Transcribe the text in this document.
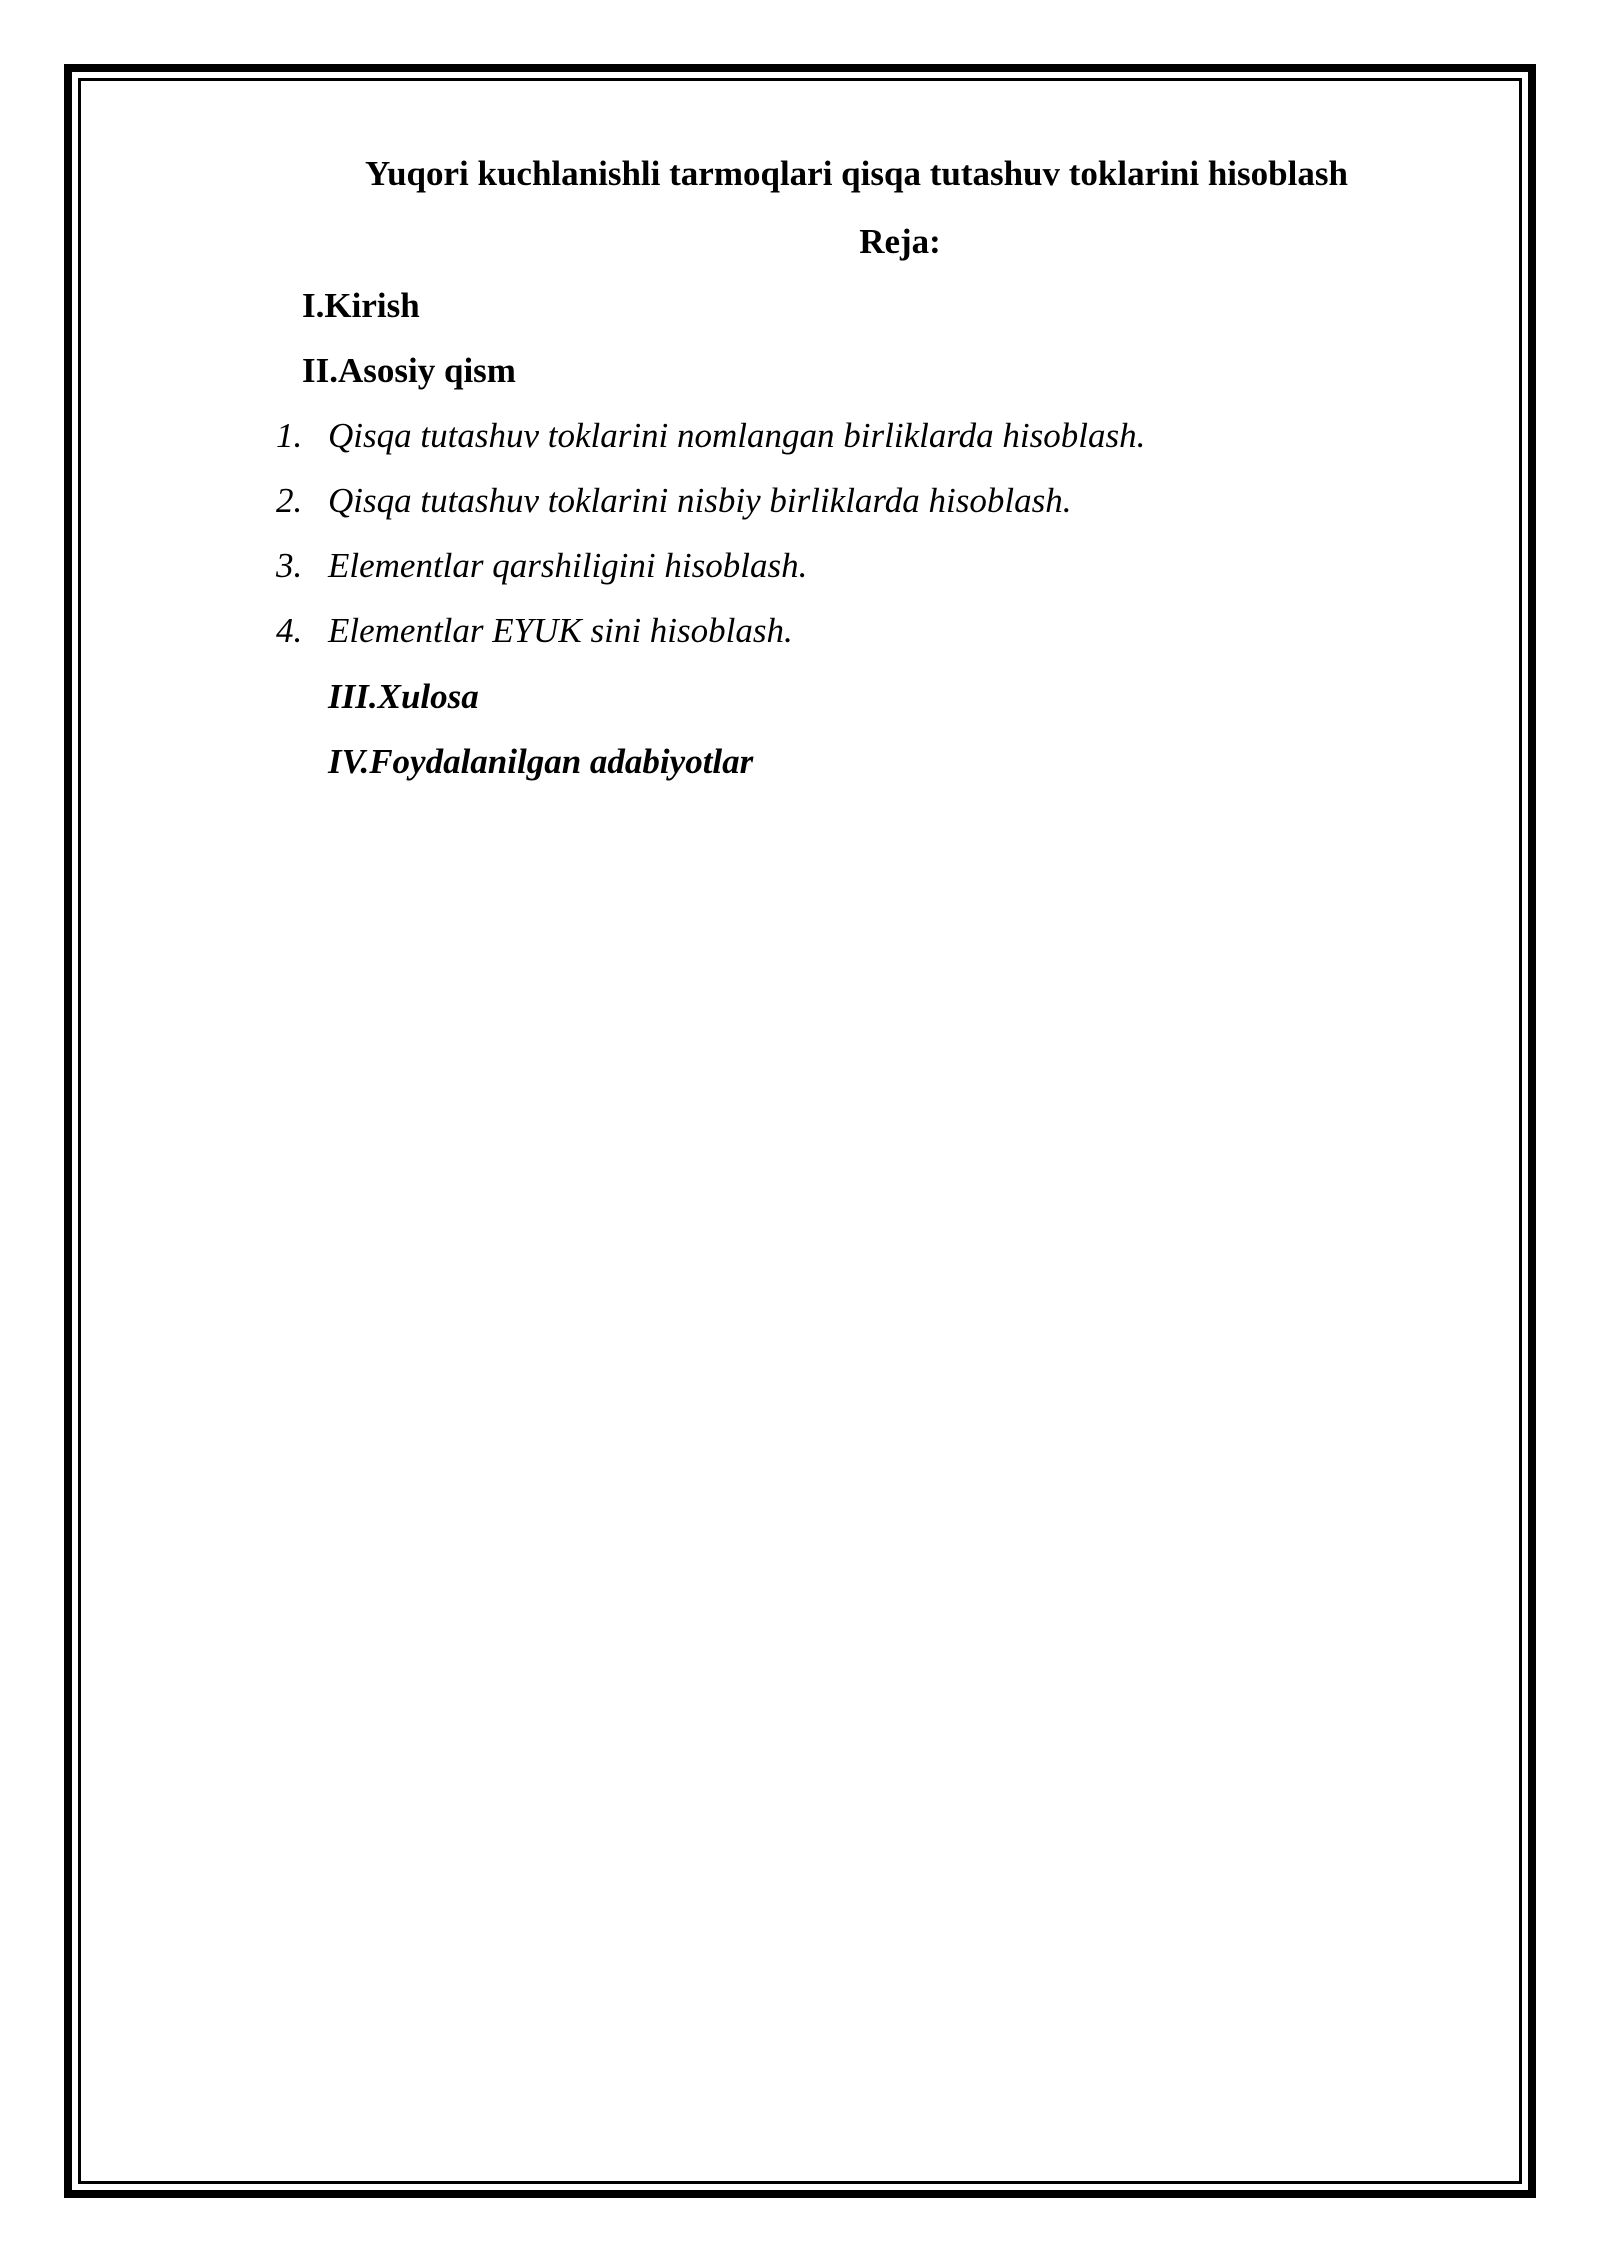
Yuqori kuchlanishli tarmoqlari qisqa tutashuv toklarini hisoblash
Reja:

I.Kirish

II.Asosiy qism

1. Qisqa tutashuv toklarini nomlangan birliklarda hisoblash.
2. Qisqa tutashuv toklarini nisbiy birliklarda hisoblash.
3. Elementlar qarshiligini hisoblash.
4. Elementlar EYUK sini hisoblash.

III.Xulosa

IV.Foydalanilgan adabiyotlar
